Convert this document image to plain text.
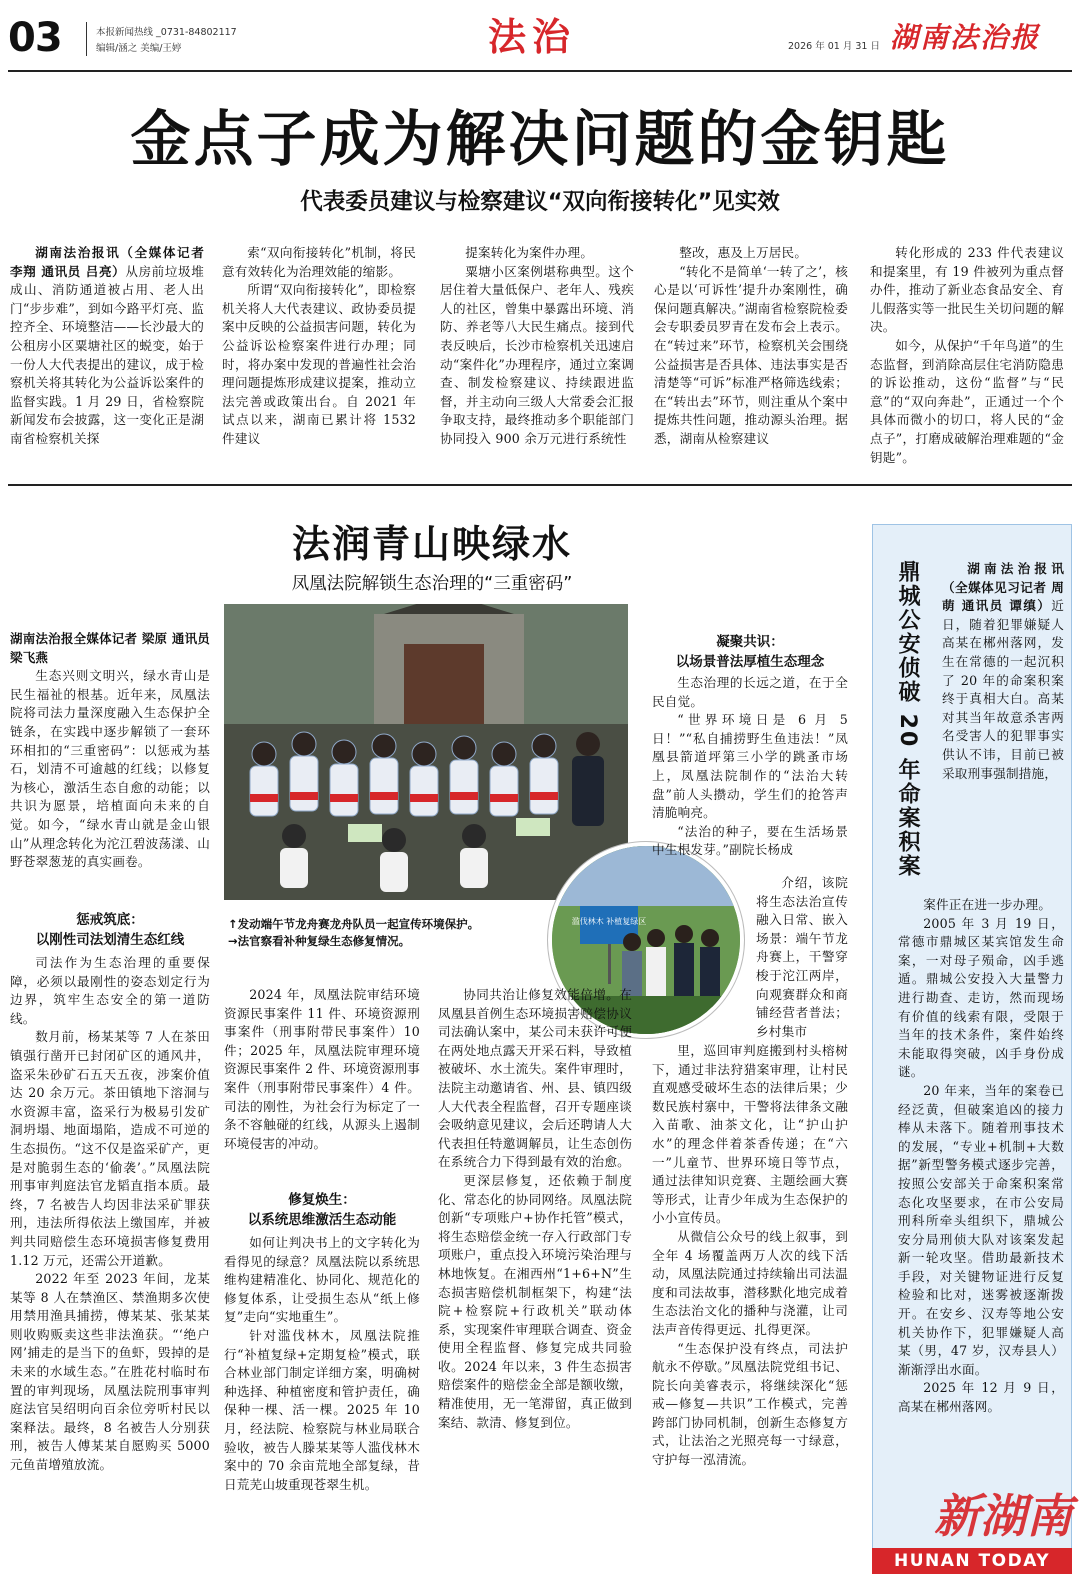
03	本报新闻热线 _0731-84802117
编辑/涵之 美编/王婷	法治	2026 年 01 月 31 日 湖南法治报
金点子成为解决问题的金钥匙
代表委员建议与检察建议“双向衔接转化”见实效

湖南法治报讯（全媒体记者 李翔 通讯员 吕亮）从房前垃圾堆成山、消防通道被占用、老人出门“步步难”，到如今路平灯亮、监控齐全、环境整洁——长沙最大的公租房小区粟塘社区的蜕变，始于一份人大代表提出的建议，成于检察机关将其转化为公益诉讼案件的监督实践。1 月 29 日，省检察院新闻发布会披露，这一变化正是湖南省检察机关探

索“双向衔接转化”机制，将民意有效转化为治理效能的缩影。

所谓“双向衔接转化”，即检察机关将人大代表建议、政协委员提案中反映的公益损害问题，转化为公益诉讼检察案件进行办理；同时，将办案中发现的普遍性社会治理问题提炼形成建议提案，推动立法完善或政策出台。自 2021 年试点以来，湖南已累计将 1532 件建议

提案转化为案件办理。

粟塘小区案例堪称典型。这个居住着大量低保户、老年人、残疾人的社区，曾集中暴露出环境、消防、养老等八大民生痛点。接到代表反映后，长沙市检察机关迅速启动“案件化”办理程序，通过立案调查、制发检察建议、持续跟进监督，并主动向三级人大常委会汇报争取支持，最终推动多个职能部门协同投入 900 余万元进行系统性

整改，惠及上万居民。

“转化不是简单‘一转了之’，核心是以‘可诉性’提升办案刚性，确保问题真解决。”湖南省检察院检委会专职委员罗青在发布会上表示。在“转过来”环节，检察机关会围绕公益损害是否具体、违法事实是否清楚等“可诉”标准严格筛选线索；在“转出去”环节，则注重从个案中提炼共性问题，推动源头治理。据悉，湖南从检察建议

转化形成的 233 件代表建议和提案里，有 19 件被列为重点督办件，推动了新业态食品安全、育儿假落实等一批民生关切问题的解决。

如今，从保护“千年鸟道”的生态监督，到消除高层住宅消防隐患的诉讼推动，这份“监督”与“民意”的“双向奔赴”，正通过一个个具体而微小的切口，将人民的“金点子”，打磨成破解治理难题的“金钥匙”。

法润青山映绿水
凤凰法院解锁生态治理的“三重密码”

湖南法治报全媒体记者 梁原 通讯员 梁飞燕

生态兴则文明兴，绿水青山是民生福祉的根基。近年来，凤凰法院将司法力量深度融入生态保护全链条，在实践中逐步解锁了一套环环相扣的“三重密码”：以惩戒为基石，划清不可逾越的红线；以修复为核心，激活生态自愈的动能；以共识为愿景，培植面向未来的自觉。如今，“绿水青山就是金山银山”从理念转化为沱江碧波荡漾、山野苍翠葱茏的真实画卷。

惩戒筑底：
以刚性司法划清生态红线

司法作为生态治理的重要保障，必须以最刚性的姿态划定行为边界，筑牢生态安全的第一道防线。

数月前，杨某某等 7 人在茶田镇强行凿开已封闭矿区的通风井，盗采朱砂矿石五天五夜，涉案价值达 20 余万元。茶田镇地下溶洞与水资源丰富，盗采行为极易引发矿洞坍塌、地面塌陷，造成不可逆的生态损伤。“这不仅是盗采矿产，更是对脆弱生态的‘偷袭’。”凤凰法院刑事审判庭法官龙韬直指本质。最终，7 名被告人均因非法采矿罪获刑，违法所得依法上缴国库，并被判共同赔偿生态环境损害修复费用 1.12 万元，还需公开道歉。

2022 年至 2023 年间，龙某某等 8 人在禁渔区、禁渔期多次使用禁用渔具捕捞，傅某某、张某某则收购贩卖这些非法渔获。“‘绝户网’捕走的是当下的鱼虾，毁掉的是未来的水域生态。”在胜花村临时布置的审判现场，凤凰法院刑事审判庭法官吴绍明向百余位旁听村民以案释法。最终，8 名被告人分别获刑，被告人傅某某自愿购买 5000 元鱼苗增殖放流。

滥伐林木 补植复绿区
↑发动端午节龙舟赛龙舟队员一起宣传环境保护。
→法官察看补种复绿生态修复情况。

2024 年，凤凰法院审结环境资源民事案件 11 件、环境资源刑事案件（刑事附带民事案件）10 件；2025 年，凤凰法院审理环境资源民事案件 2 件、环境资源刑事案件（刑事附带民事案件）4 件。司法的刚性，为社会行为标定了一条不容触碰的红线，从源头上遏制环境侵害的冲动。

修复焕生：
以系统思维激活生态动能

如何让判决书上的文字转化为看得见的绿意？凤凰法院以系统思维构建精准化、协同化、规范化的修复体系，让受损生态从“纸上修复”走向“实地重生”。

针对滥伐林木，凤凰法院推行“补植复绿+定期复检”模式，联合林业部门制定详细方案，明确树种选择、种植密度和管护责任，确保种一棵、活一棵。2025 年 10 月，经法院、检察院与林业局联合验收，被告人滕某某等人滥伐林木案中的 70 余亩荒地全部复绿，昔日荒芜山坡重现苍翠生机。

协同共治让修复效能倍增。在凤凰县首例生态环境损害赔偿协议司法确认案中，某公司未获许可便在两处地点露天开采石料，导致植被破坏、水土流失。案件审理时，法院主动邀请省、州、县、镇四级人大代表全程监督，召开专题座谈会吸纳意见建议，会后还聘请人大代表担任特邀调解员，让生态创伤在系统合力下得到最有效的治愈。

更深层修复，还依赖于制度化、常态化的协同网络。凤凰法院创新“专项账户+协作托管”模式，将生态赔偿金统一存入行政部门专项账户，重点投入环境污染治理与林地恢复。在湘西州“1+6+N”生态损害赔偿机制框架下，构建“法院+检察院+行政机关”联动体系，实现案件审理联合调查、资金使用全程监督、修复完成共同验收。2024 年以来，3 件生态损害赔偿案件的赔偿金全部是额收缴，精准使用，无一笔滞留，真正做到案结、款清、修复到位。

凝聚共识：
以场景普法厚植生态理念

生态治理的长远之道，在于全民自觉。

“世界环境日是 6 月 5 日！”“私自捕捞野生鱼违法！”凤凰县箭道坪第三小学的跳蚤市场上，凤凰法院制作的“法治大转盘”前人头攒动，学生们的抢答声清脆响亮。

“法治的种子，要在生活场景中生根发芽。”副院长杨成

介绍，该院将生态法治宣传融入日常、嵌入场景：端午节龙舟赛上，干警穿梭于沱江两岸，向观赛群众和商铺经营者普法；乡村集市

里，巡回审判庭搬到村头榕树下，通过非法狩猎案审理，让村民直观感受破坏生态的法律后果；少数民族村寨中，干警将法律条文融入苗歌、油茶文化，让“护山护水”的理念伴着茶香传递；在“六一”儿童节、世界环境日等节点，通过法律知识竞赛、主题绘画大赛等形式，让青少年成为生态保护的小小宣传员。

从微信公众号的线上叙事，到全年 4 场覆盖两万人次的线下活动，凤凰法院通过持续输出司法温度和司法故事，潜移默化地完成着生态法治文化的播种与浇灌，让司法声音传得更远、扎得更深。

“生态保护没有终点，司法护航永不停歇。”凤凰法院党组书记、院长向美睿表示，将继续深化“惩戒—修复—共识”工作模式，完善跨部门协同机制，创新生态修复方式，让法治之光照亮每一寸绿意，守护每一泓清流。

鼎城公安侦破 20 年命案积案	湖南法治报讯（全媒体见习记者 周萌 通讯员 谭缜）近日，随着犯罪嫌疑人高某在郴州落网，发生在常德的一起沉积了 20 年的命案积案终于真相大白。高某对其当年故意杀害两名受害人的犯罪事实供认不讳，目前已被采取刑事强制措施，

案件正在进一步办理。

2005 年 3 月 19 日，常德市鼎城区某宾馆发生命案，一对母子殒命，凶手逃遁。鼎城公安投入大量警力进行勘查、走访，然而现场有价值的线索有限，受限于当年的技术条件，案件始终未能取得突破，凶手身份成谜。

20 年来，当年的案卷已经泛黄，但破案追凶的接力棒从未落下。随着刑事技术的发展，“专业+机制+大数据”新型警务模式逐步完善，按照公安部关于命案积案常态化攻坚要求，在市公安局刑科所牵头组织下，鼎城公安分局刑侦大队对该案发起新一轮攻坚。借助最新技术手段，对关键物证进行反复检验和比对，迷雾被逐渐拨开。在安乡、汉寿等地公安机关协作下，犯罪嫌疑人高某（男，47 岁，汉寿县人）渐渐浮出水面。

2025 年 12 月 9 日，高某在郴州落网。

新湖南
HUNAN TODAY
